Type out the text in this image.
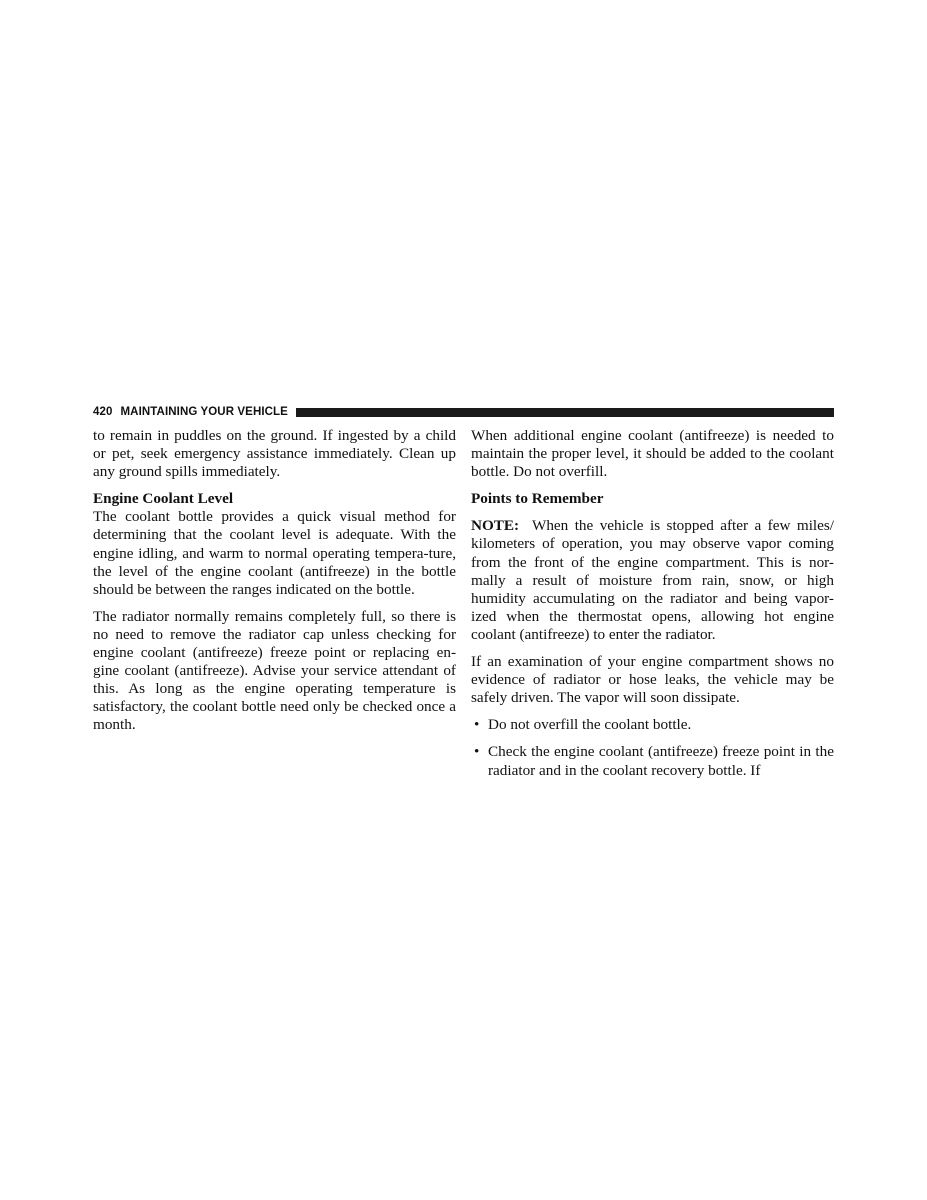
420 MAINTAINING YOUR VEHICLE

to remain in puddles on the ground. If ingested by a child or pet, seek emergency assistance immediately. Clean up any ground spills immediately.

Engine Coolant Level

The coolant bottle provides a quick visual method for determining that the coolant level is adequate. With the engine idling, and warm to normal operating tempera-ture, the level of the engine coolant (antifreeze) in the bottle should be between the ranges indicated on the bottle.

The radiator normally remains completely full, so there is no need to remove the radiator cap unless checking for engine coolant (antifreeze) freeze point or replacing en-gine coolant (antifreeze). Advise your service attendant of this. As long as the engine operating temperature is satisfactory, the coolant bottle need only be checked once a month.

When additional engine coolant (antifreeze) is needed to maintain the proper level, it should be added to the coolant bottle. Do not overfill.

Points to Remember

NOTE: When the vehicle is stopped after a few miles/ kilometers of operation, you may observe vapor coming from the front of the engine compartment. This is nor-mally a result of moisture from rain, snow, or high humidity accumulating on the radiator and being vapor-ized when the thermostat opens, allowing hot engine coolant (antifreeze) to enter the radiator.

If an examination of your engine compartment shows no evidence of radiator or hose leaks, the vehicle may be safely driven. The vapor will soon dissipate.

• Do not overfill the coolant bottle.
• Check the engine coolant (antifreeze) freeze point in the radiator and in the coolant recovery bottle. If
